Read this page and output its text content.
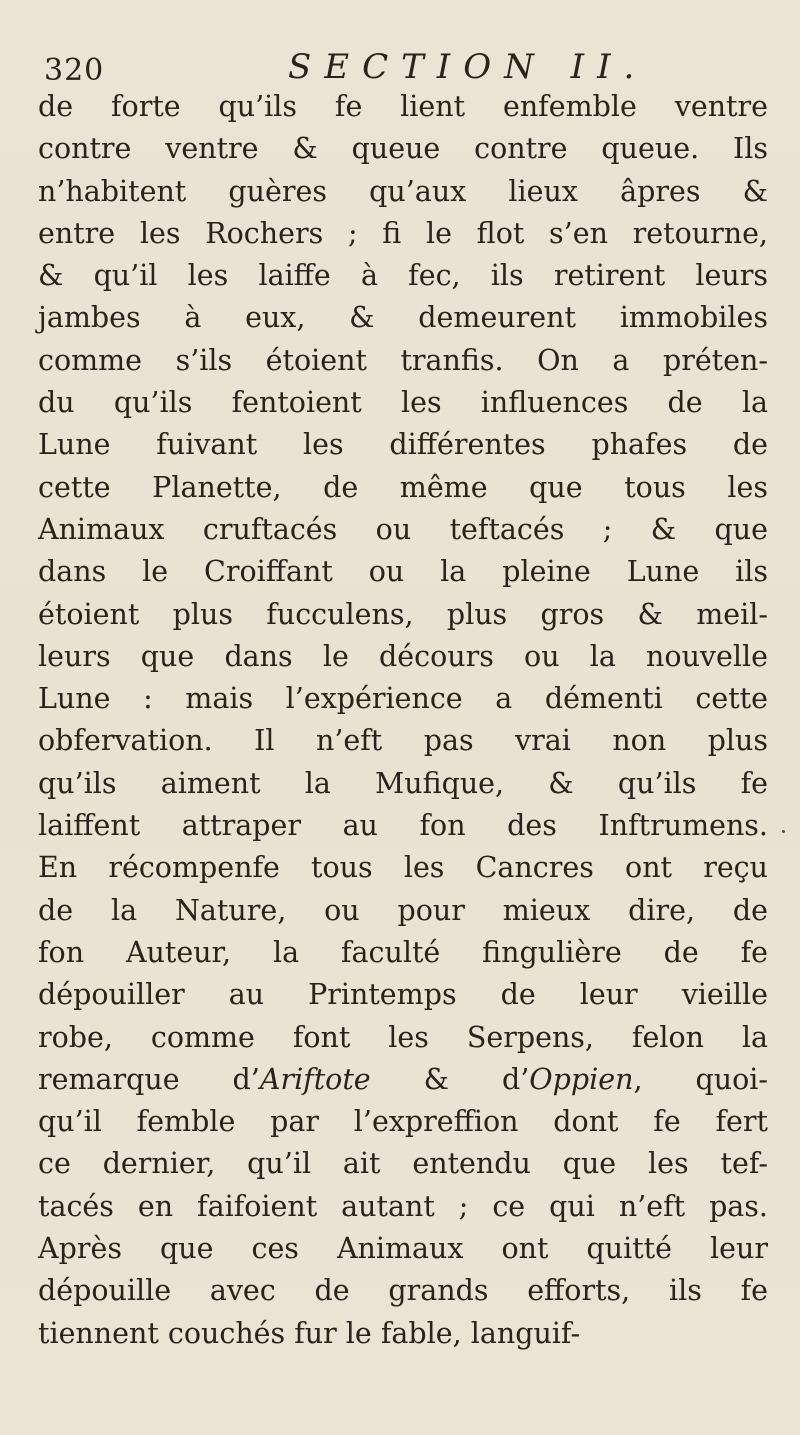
320	SECTION II.
de forte qu’ils fe lient enfemble ventre
contre ventre & queue contre queue. Ils
n’habitent guères qu’aux lieux âpres &
entre les Rochers ; fi le flot s’en retourne,
& qu’il les laiffe à fec, ils retirent leurs
jambes à eux, & demeurent immobiles
comme s’ils étoient tranfis. On a préten-
du qu’ils fentoient les influences de la
Lune fuivant les différentes phafes de
cette Planette, de même que tous les
Animaux cruftacés ou teftacés ; & que
dans le Croiffant ou la pleine Lune ils
étoient plus fucculens, plus gros & meil-
leurs que dans le décours ou la nouvelle
Lune : mais l’expérience a démenti cette
obfervation. Il n’eft pas vrai non plus
qu’ils aiment la Mufique, & qu’ils fe
laiffent attraper au fon des Inftrumens.
En récompenfe tous les Cancres ont reçu
de la Nature, ou pour mieux dire, de
fon Auteur, la faculté fingulière de fe
dépouiller au Printemps de leur vieille
robe, comme font les Serpens, felon la
remarque d’Ariftote & d’Oppien, quoi-
qu’il femble par l’expreffion dont fe fert
ce dernier, qu’il ait entendu que les tef-
tacés en faifoient autant ; ce qui n’eft pas.
Après que ces Animaux ont quitté leur
dépouille avec de grands efforts, ils fe
tiennent couchés fur le fable, languif-
